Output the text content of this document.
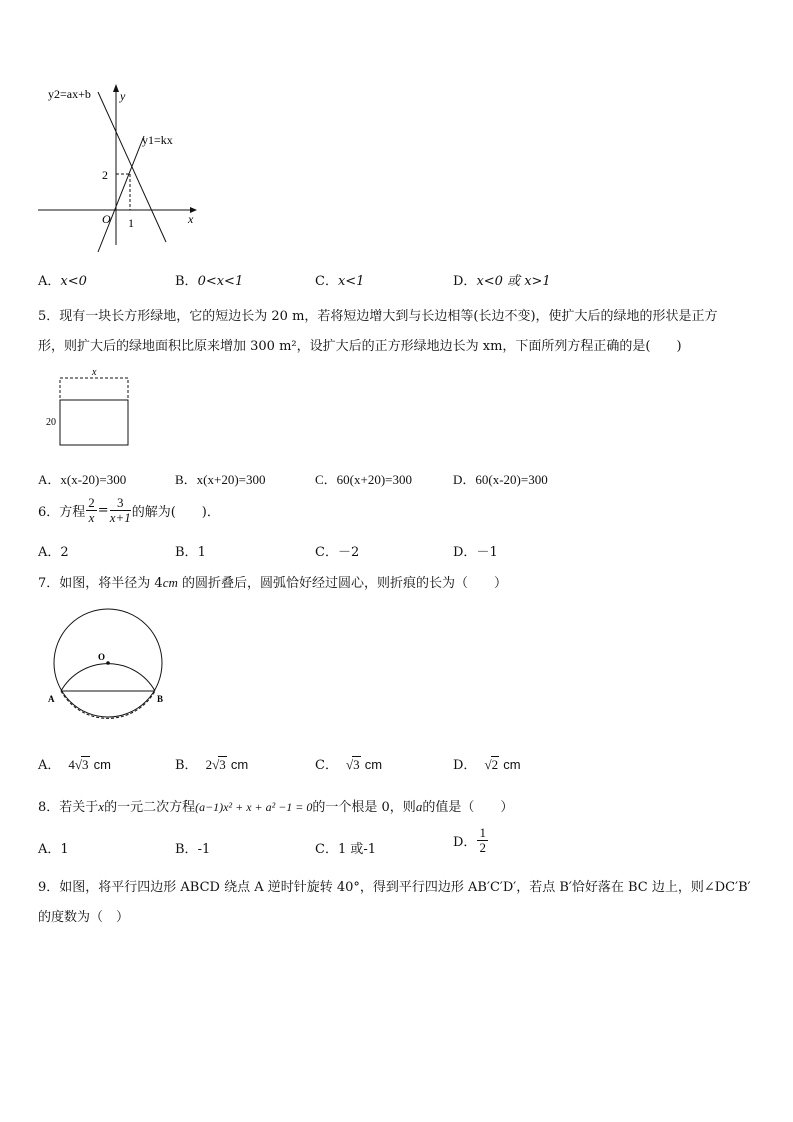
y2=ax+b y
y1=kx
2
O 1	x
A．x<0	B．0<x<1	C．x<1	D．x<0 或 x>1
5．现有一块长方形绿地，它的短边长为 20 m，若将短边增大到与长边相等(长边不变)，使扩大后的绿地的形状是正方
形，则扩大后的绿地面积比原来增加 300 m²，设扩大后的正方形绿地边长为 xm，下面所列方程正确的是(　　)
x
20
A．x(x-20)=300	B．x(x+20)=300	C．60(x+20)=300	D．60(x-20)=300
6．方程 $\frac{2}{x} = \frac{3}{x+1}$ 的解为(　　)．
A．2	B．1	C．－2	D．－1
7．如图，将半径为 4cm 的圆折叠后，圆弧恰好经过圆心，则折痕的长为（　　）
O
A	B
A． 4√3 cm	B． 2√3 cm	C． √3 cm	D． √2 cm
8．若关于x的一元二次方程(a−1)x² + x + a² −1 = 0的一个根是 0，则a的值是（　　）
A．1	B．-1	C．1 或-1	D． $\frac{1}{2}$
9．如图，将平行四边形 ABCD 绕点 A 逆时针旋转 40°，得到平行四边形 AB′C′D′，若点 B′恰好落在 BC 边上，则∠DC′B′
的度数为（　）
